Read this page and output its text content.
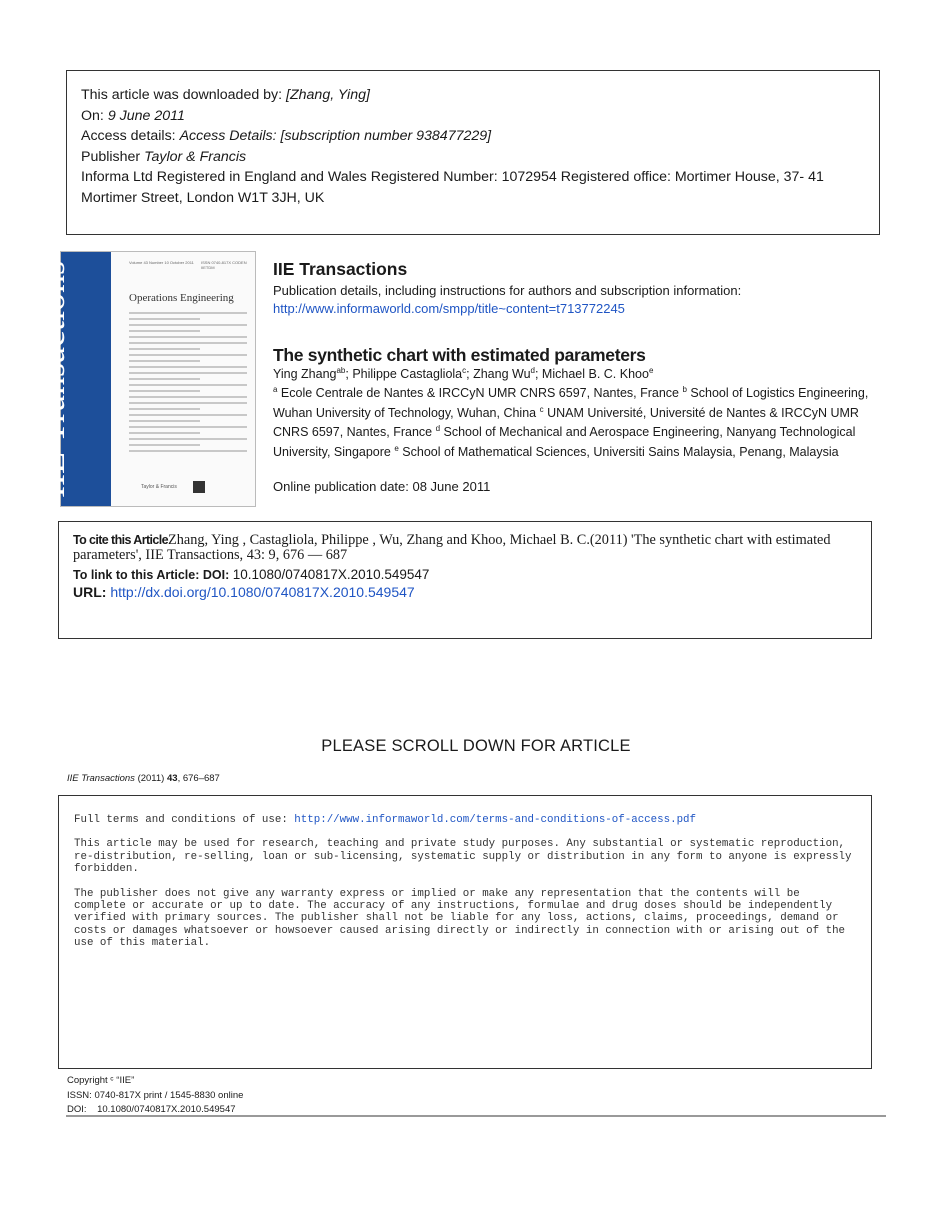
This article was downloaded by: [Zhang, Ying]
On: 9 June 2011
Access details: Access Details: [subscription number 938477229]
Publisher Taylor & Francis
Informa Ltd Registered in England and Wales Registered Number: 1072954 Registered office: Mortimer House, 37- 41
Mortimer Street, London W1T 3JH, UK
IIE Transactions	Volume 43 Number 10 October 2011 ISSN 0740-817X CODEN IIETDM
Operations Engineering
Taylor & Francis
IIE Transactions
Publication details, including instructions for authors and subscription information:
http://www.informaworld.com/smpp/title~content=t713772245
The synthetic chart with estimated parameters
Ying Zhang$^{ab}$; Philippe Castagliola$^c$; Zhang Wu$^d$; Michael B. C. Khoo$^e$
$^a$ Ecole Centrale de Nantes & IRCCyN UMR CNRS 6597, Nantes, France $^b$ School of Logistics Engineering, Wuhan University of Technology, Wuhan, China $^c$ UNAM Université, Université de Nantes & IRCCyN UMR CNRS 6597, Nantes, France $^d$ School of Mechanical and Aerospace Engineering, Nanyang Technological University, Singapore $^e$ School of Mathematical Sciences, Universiti Sains Malaysia, Penang, Malaysia
Online publication date: 08 June 2011
To cite this ArticleZhang, Ying , Castagliola, Philippe , Wu, Zhang and Khoo, Michael B. C.(2011) 'The synthetic chart with estimated parameters', IIE Transactions, 43: 9, 676 — 687
To link to this Article: DOI: 10.1080/0740817X.2010.549547
URL: http://dx.doi.org/10.1080/0740817X.2010.549547
PLEASE SCROLL DOWN FOR ARTICLE
IIE Transactions (2011) 43, 676–687

Full terms and conditions of use: http://www.informaworld.com/terms-and-conditions-of-access.pdf

This article may be used for research, teaching and private study purposes. Any substantial or systematic reproduction, re-distribution, re-selling, loan or sub-licensing, systematic supply or distribution in any form to anyone is expressly forbidden.

The publisher does not give any warranty express or implied or make any representation that the contents will be complete or accurate or up to date. The accuracy of any instructions, formulae and drug doses should be independently verified with primary sources. The publisher shall not be liable for any loss, actions, claims, proceedings, demand or costs or damages whatsoever or howsoever caused arising directly or indirectly in connection with or arising out of the use of this material.

Copyright ᶜ “IIE”
ISSN: 0740-817X print / 1545-8830 online
DOI: 10.1080/0740817X.2010.549547
